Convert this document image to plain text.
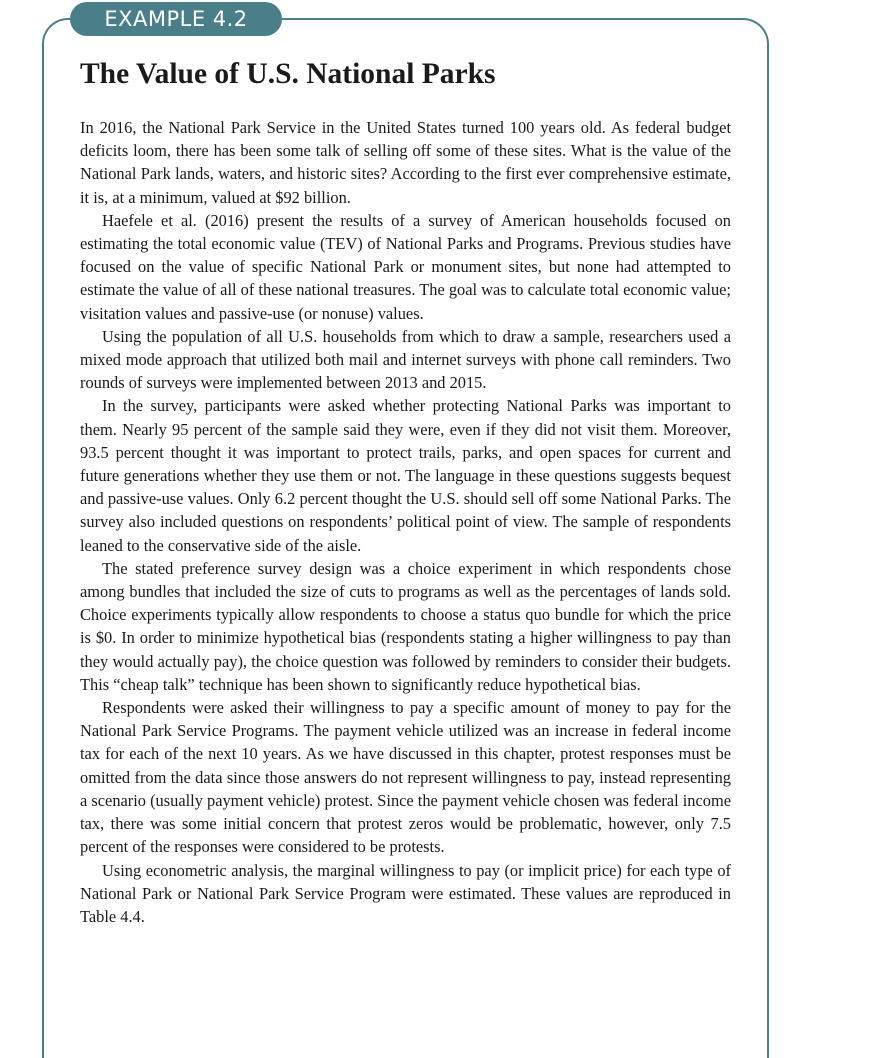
EXAMPLE 4.2
The Value of U.S. National Parks

In 2016, the National Park Service in the United States turned 100 years old. As federal budget deficits loom, there has been some talk of selling off some of these sites. What is the value of the National Park lands, waters, and historic sites? According to the first ever comprehensive estimate, it is, at a minimum, valued at $92 billion.

Haefele et al. (2016) present the results of a survey of American households focused on estimating the total economic value (TEV) of National Parks and Programs. Previous studies have focused on the value of specific National Park or monument sites, but none had attempted to estimate the value of all of these national treasures. The goal was to calculate total economic value; visitation values and passive-use (or nonuse) values.

Using the population of all U.S. households from which to draw a sample, researchers used a mixed mode approach that utilized both mail and internet surveys with phone call reminders. Two rounds of surveys were implemented between 2013 and 2015.

In the survey, participants were asked whether protecting National Parks was important to them. Nearly 95 percent of the sample said they were, even if they did not visit them. Moreover, 93.5 percent thought it was important to protect trails, parks, and open spaces for current and future generations whether they use them or not. The language in these questions suggests bequest and passive-use values. Only 6.2 percent thought the U.S. should sell off some National Parks. The survey also included questions on respondents’ political point of view. The sample of respondents leaned to the conservative side of the aisle.

The stated preference survey design was a choice experiment in which respondents chose among bundles that included the size of cuts to programs as well as the percentages of lands sold. Choice experiments typically allow respondents to choose a status quo bundle for which the price is $0. In order to minimize hypothetical bias (respondents stating a higher willingness to pay than they would actually pay), the choice question was followed by reminders to consider their budgets. This “cheap talk” technique has been shown to significantly reduce hypothetical bias.

Respondents were asked their willingness to pay a specific amount of money to pay for the National Park Service Programs. The payment vehicle utilized was an increase in federal income tax for each of the next 10 years. As we have discussed in this chapter, protest responses must be omitted from the data since those answers do not represent willingness to pay, instead representing a scenario (usually payment vehicle) protest. Since the payment vehicle chosen was federal income tax, there was some initial concern that protest zeros would be problematic, however, only 7.5 percent of the responses were considered to be protests.

Using econometric analysis, the marginal willingness to pay (or implicit price) for each type of National Park or National Park Service Program were estimated. These values are reproduced in Table 4.4.
